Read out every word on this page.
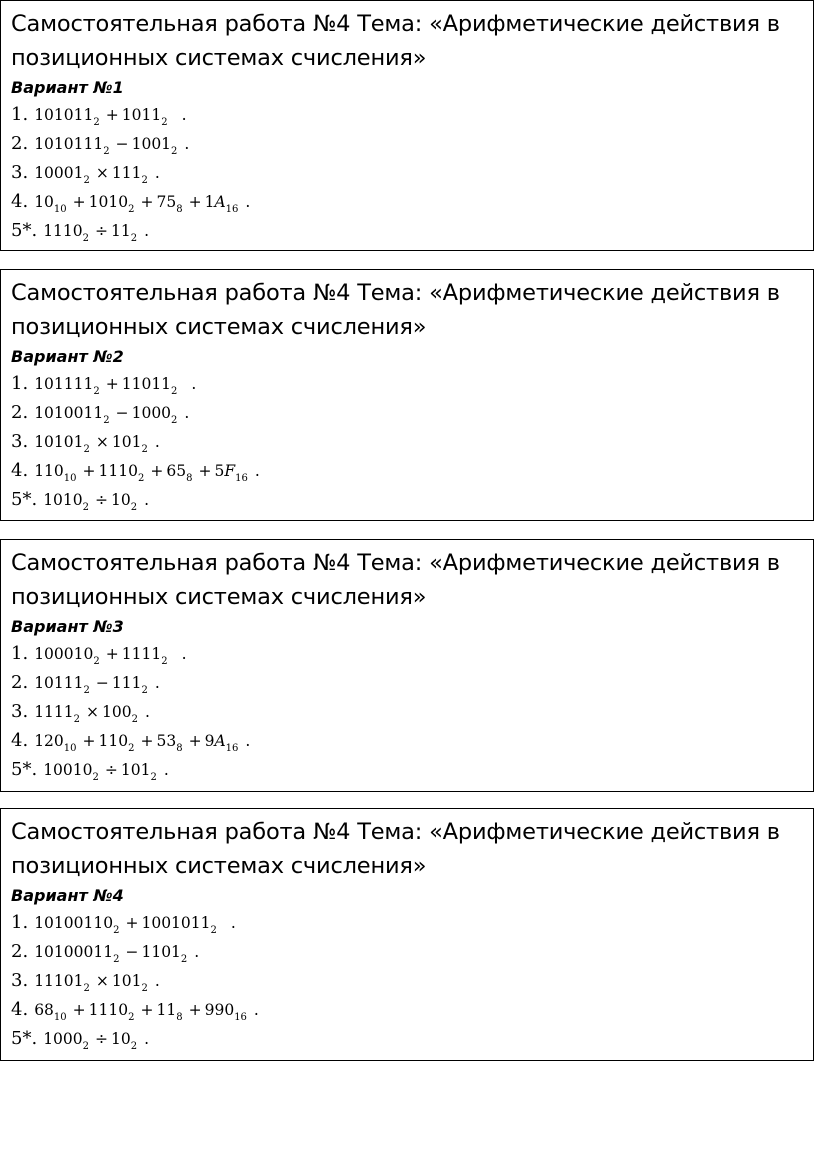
Самостоятельная работа №4 Тема: «Арифметические действия в
позиционных системах счисления»
Вариант №1
1. $101011_2 + 1011_2$ .
2. $1010111_2 - 1001_2$ .
3. $10001_2 \times 111_2$ .
4. $10_{10} + 1010_2 + 75_8 + 1A_{16}$ .
5*. $1110_2 \div 11_2$ .
Самостоятельная работа №4 Тема: «Арифметические действия в
позиционных системах счисления»
Вариант №2
1. $101111_2 + 11011_2$ .
2. $1010011_2 - 1000_2$ .
3. $10101_2 \times 101_2$ .
4. $110_{10} + 1110_2 + 65_8 + 5F_{16}$ .
5*. $1010_2 \div 10_2$ .
Самостоятельная работа №4 Тема: «Арифметические действия в
позиционных системах счисления»
Вариант №3
1. $100010_2 + 1111_2$ .
2. $10111_2 - 111_2$ .
3. $1111_2 \times 100_2$ .
4. $120_{10} + 110_2 + 53_8 + 9A_{16}$ .
5*. $10010_2 \div 101_2$ .
Самостоятельная работа №4 Тема: «Арифметические действия в
позиционных системах счисления»
Вариант №4
1. $10100110_2 + 1001011_2$ .
2. $10100011_2 - 1101_2$ .
3. $11101_2 \times 101_2$ .
4. $68_{10} + 1110_2 + 11_8 + 990_{16}$ .
5*. $1000_2 \div 10_2$ .
